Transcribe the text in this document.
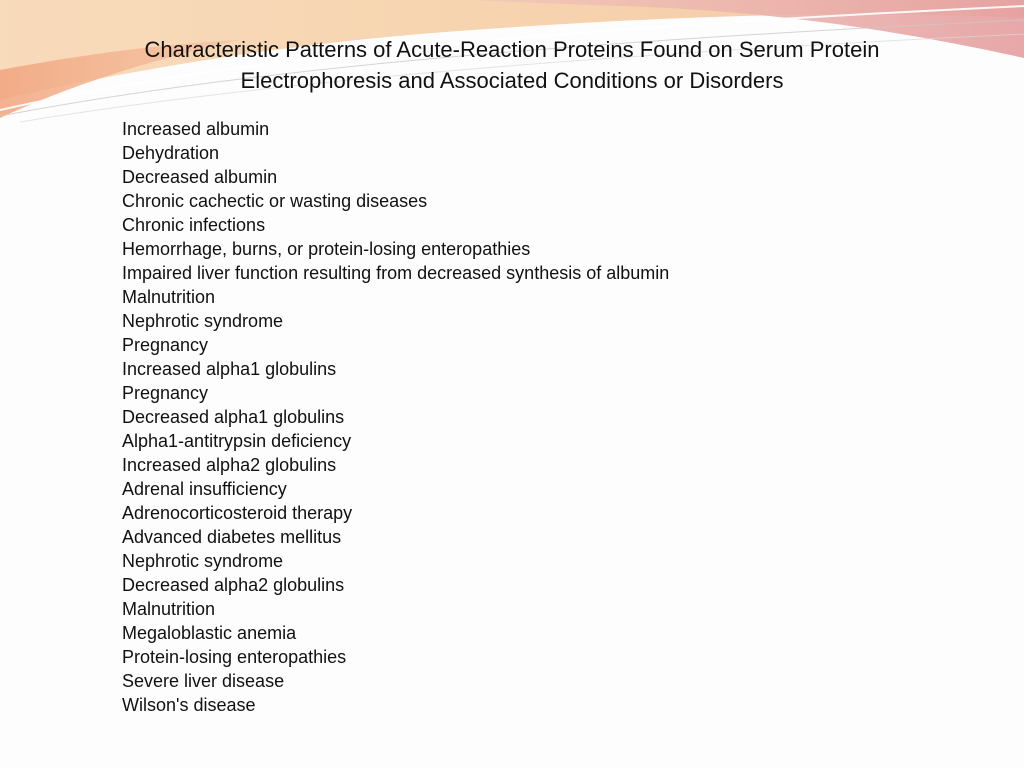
Characteristic Patterns of Acute-Reaction Proteins Found on Serum Protein
Electrophoresis and Associated Conditions or Disorders
Increased albumin
Dehydration
Decreased albumin
Chronic cachectic or wasting diseases
Chronic infections
Hemorrhage, burns, or protein-losing enteropathies
Impaired liver function resulting from decreased synthesis of albumin
Malnutrition
Nephrotic syndrome
Pregnancy
Increased alpha1 globulins
Pregnancy
Decreased alpha1 globulins
Alpha1-antitrypsin deficiency
Increased alpha2 globulins
Adrenal insufficiency
Adrenocorticosteroid therapy
Advanced diabetes mellitus
Nephrotic syndrome
Decreased alpha2 globulins
Malnutrition
Megaloblastic anemia
Protein-losing enteropathies
Severe liver disease
Wilson's disease
